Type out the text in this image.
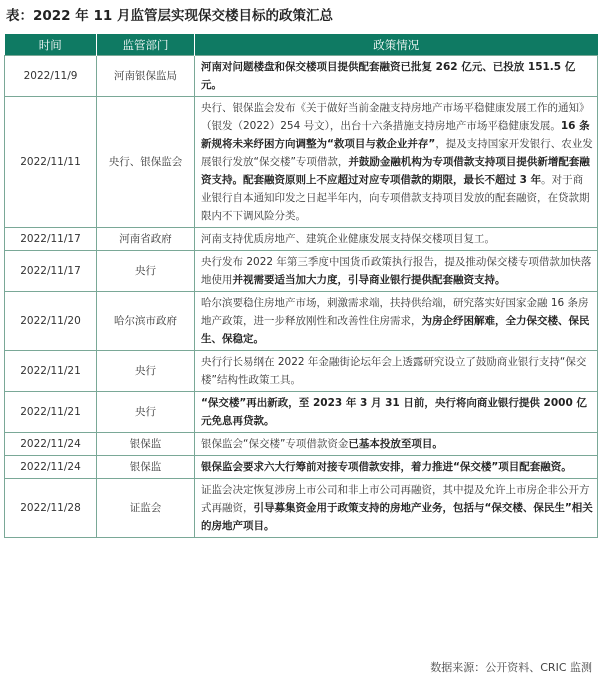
表：2022 年 11 月监管层实现保交楼目标的政策汇总
时间	监管部门	政策情况
2022/11/9	河南银保监局	河南对问题楼盘和保交楼项目提供配套融资已批复 262 亿元、已投放 151.5 亿元。
2022/11/11	央行、银保监会	央行、银保监会发布《关于做好当前金融支持房地产市场平稳健康发展工作的通知》（银发（2022）254 号文），出台十六条措施支持房地产市场平稳健康发展。16 条新规将未来纾困方向调整为“救项目与救企业并存”，提及支持国家开发银行、农业发展银行发放“保交楼”专项借款，并鼓励金融机构为专项借款支持项目提供新增配套融资支持。配套融资原则上不应超过对应专项借款的期限，最长不超过 3 年。对于商业银行自本通知印发之日起半年内，向专项借款支持项目发放的配套融资，在贷款期限内不下调风险分类。
2022/11/17	河南省政府	河南支持优质房地产、建筑企业健康发展支持保交楼项目复工。
2022/11/17	央行	央行发布 2022 年第三季度中国货币政策执行报告，提及推动保交楼专项借款加快落地使用并视需要适当加大力度，引导商业银行提供配套融资支持。
2022/11/20	哈尔滨市政府	哈尔滨要稳住房地产市场，刺激需求端，扶持供给端，研究落实好国家金融 16 条房地产政策，进一步释放刚性和改善性住房需求，为房企纾困解难，全力保交楼、保民生、保稳定。
2022/11/21	央行	央行行长易纲在 2022 年金融街论坛年会上透露研究设立了鼓励商业银行支持“保交楼”结构性政策工具。
2022/11/21	央行	“保交楼”再出新政，至 2023 年 3 月 31 日前，央行将向商业银行提供 2000 亿元免息再贷款。
2022/11/24	银保监	银保监会“保交楼”专项借款资金已基本投放至项目。
2022/11/24	银保监	银保监会要求六大行筹前对接专项借款安排，着力推进“保交楼”项目配套融资。
2022/11/28	证监会	证监会决定恢复涉房上市公司和非上市公司再融资，其中提及允许上市房企非公开方式再融资，引导募集资金用于政策支持的房地产业务，包括与“保交楼、保民生”相关的房地产项目。
数据来源：公开资料、CRIC 监测
